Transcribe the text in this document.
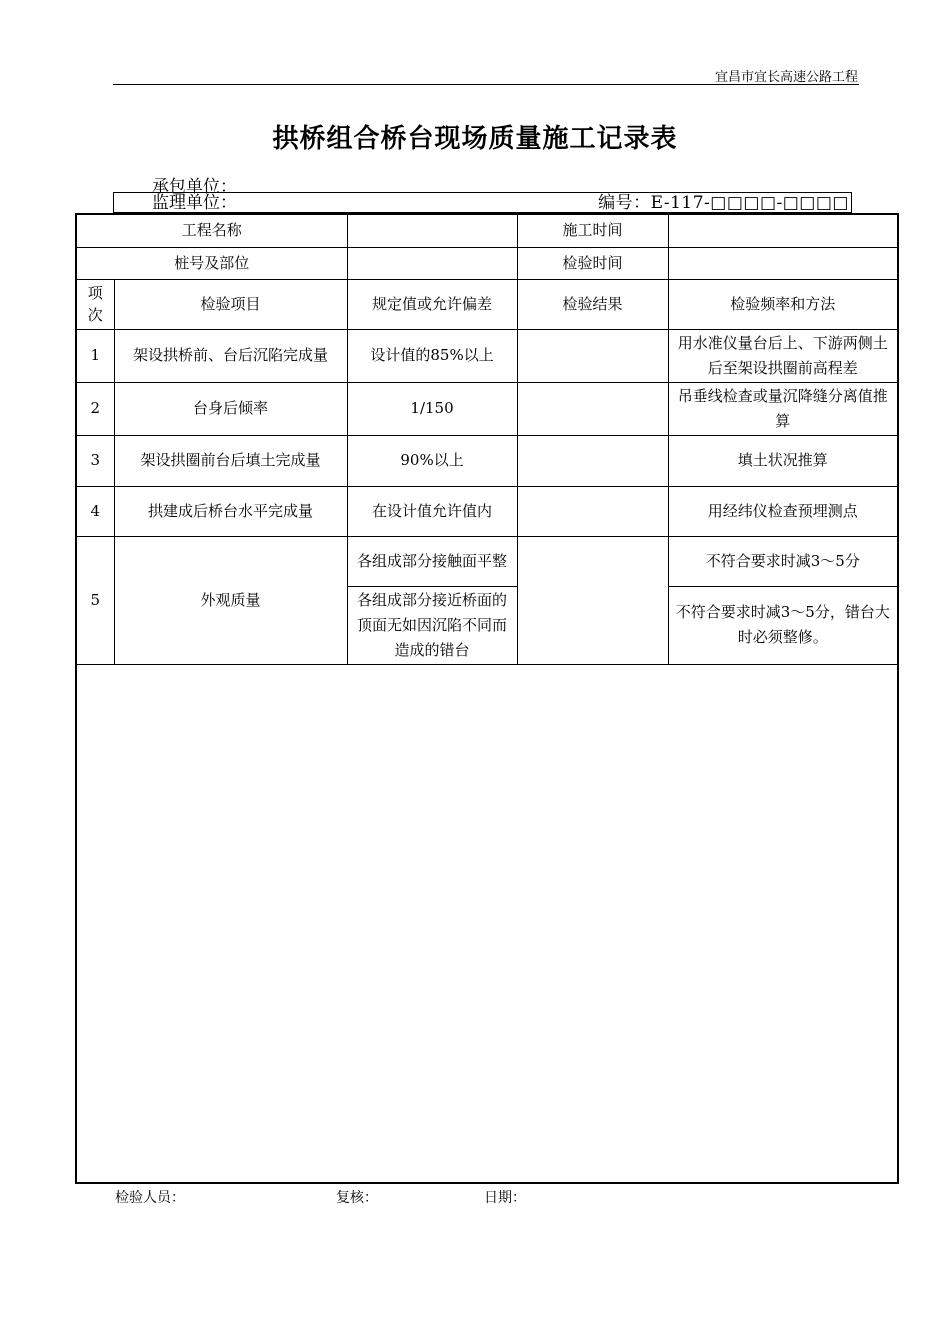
宜昌市宜长高速公路工程
拱桥组合桥台现场质量施工记录表
承包单位：
监理单位：	编号：E-117-□□□□-□□□□
工程名称			施工时间	
桩号及部位			检验时间	
项次	检验项目	规定值或允许偏差	检验结果	检验频率和方法
1	架设拱桥前、台后沉陷完成量	设计值的85%以上		用水准仪量台后上、下游两侧土后至架设拱圈前高程差
2	台身后倾率	1/150		吊垂线检查或量沉降缝分离值推算
3	架设拱圈前台后填土完成量	90%以上		填土状况推算
4	拱建成后桥台水平完成量	在设计值允许值内		用经纬仪检查预埋测点
5	外观质量	各组成部分接触面平整		不符合要求时减3～5分
		各组成部分接近桥面的顶面无如因沉陷不同而造成的错台		不符合要求时减3～5分，错台大时必须整修。
检验人员：	复核：	日期：
